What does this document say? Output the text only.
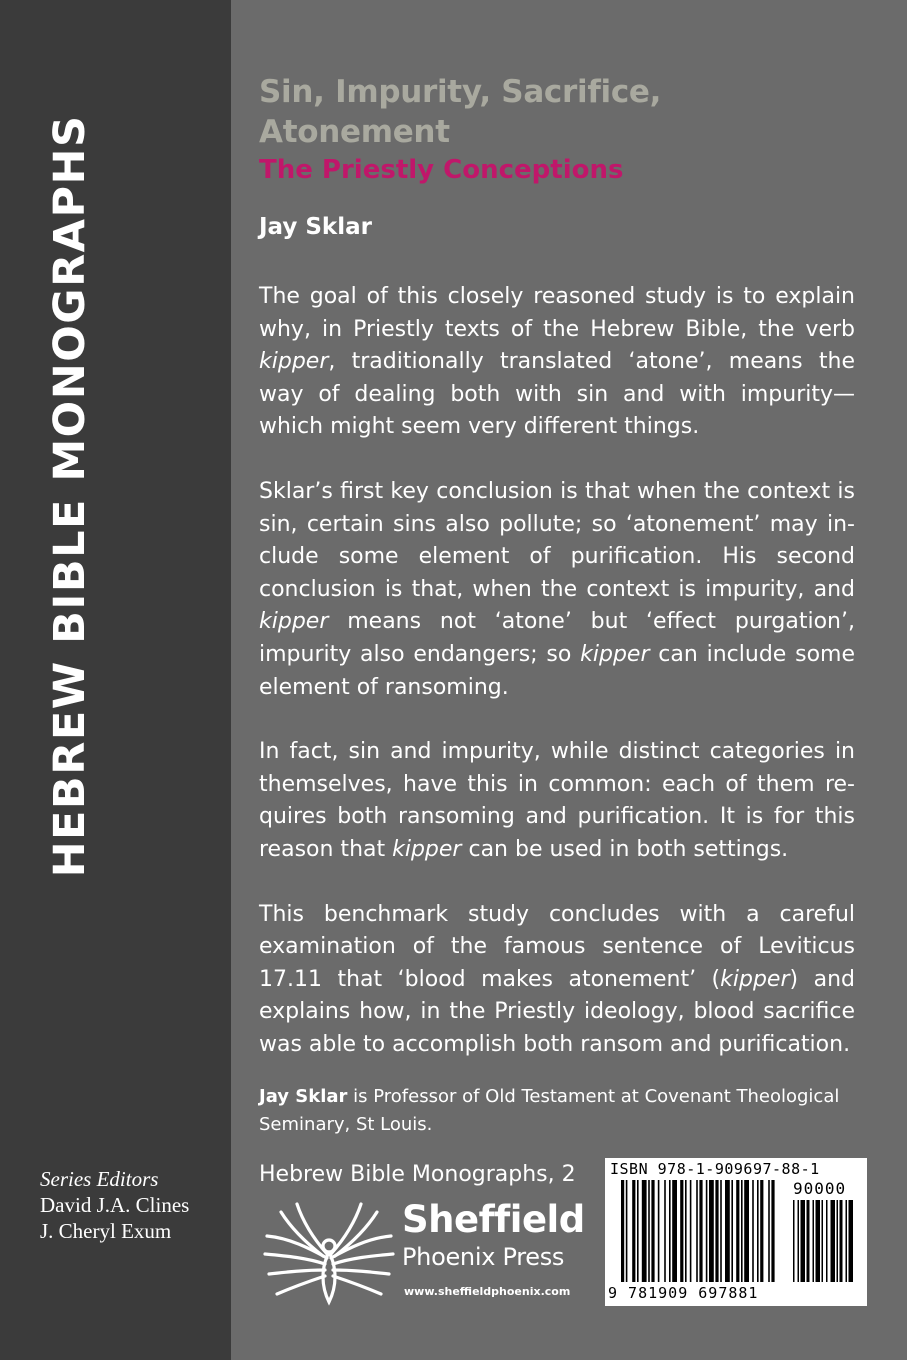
HEBREW BIBLE MONOGRAPHS
Series Editors
David J.A. Clines
J. Cheryl Exum
Sin, Impurity, Sacrifice, Atonement
The Priestly Conceptions
Jay Sklar

The goal of this closely reasoned study is to explain why, in Priestly texts of the Hebrew Bible, the verb kipper, traditionally translated ‘atone’, means the way of dealing both with sin and with impurity—which might seem very different things.

Sklar’s first key conclusion is that when the context is sin, certain sins also pollute; so ‘atonement’ may include some element of purification. His second conclusion is that, when the context is impurity, and kipper means not ‘atone’ but ‘effect purgation’, impurity also endangers; so kipper can include some element of ransoming.

In fact, sin and impurity, while distinct categories in themselves, have this in common: each of them requires both ransoming and purification. It is for this reason that kipper can be used in both settings.

This benchmark study concludes with a careful examination of the famous sentence of Leviticus 17.11 that ‘blood makes atonement’ (kipper) and explains how, in the Priestly ideology, blood sacrifice was able to accomplish both ransom and purification.

Jay Sklar is Professor of Old Testament at Covenant Theological Seminary, St Louis.
Hebrew Bible Monographs, 2
Sheffield
Phoenix Press
www.sheffieldphoenix.com
ISBN 978-1-909697-88-1
90000
9 781909 697881
